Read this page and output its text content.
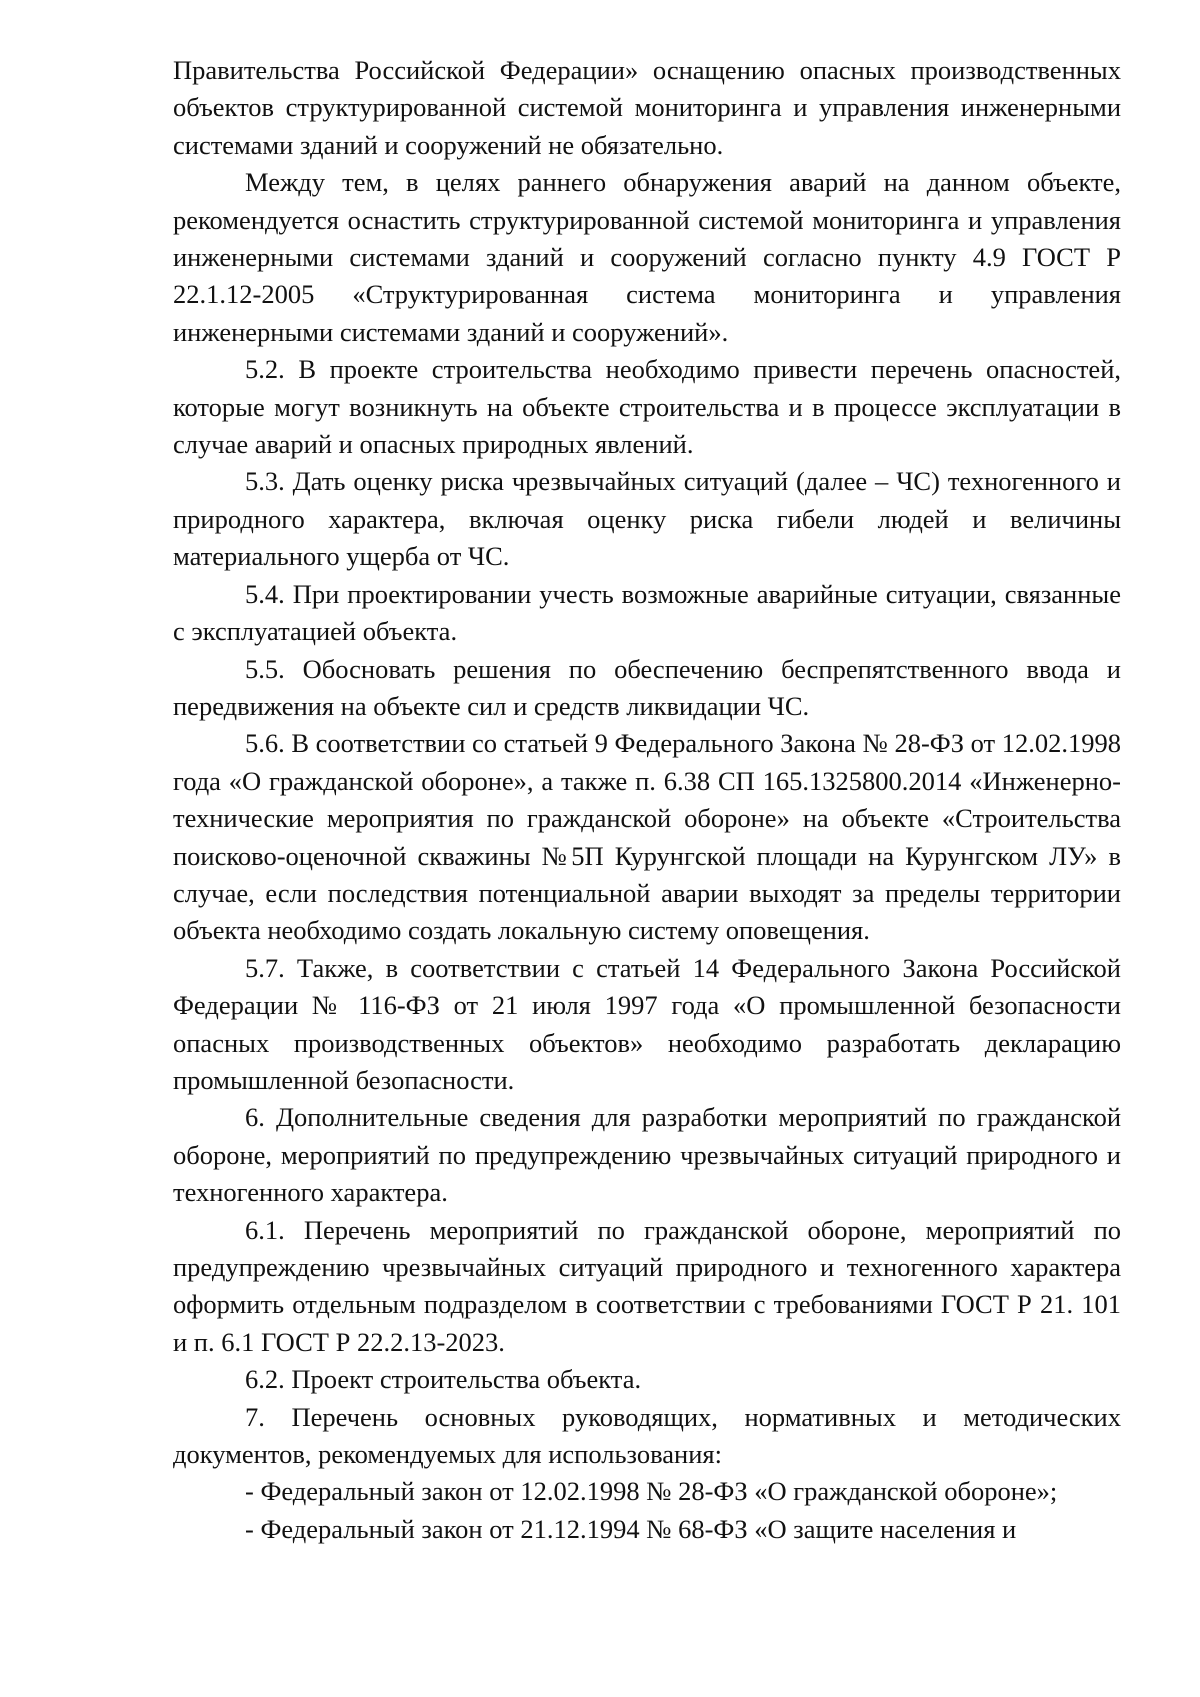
Правительства Российской Федерации» оснащению опасных производственных объектов структурированной системой мониторинга и управления инженерными системами зданий и сооружений не обязательно.

Между тем, в целях раннего обнаружения аварий на данном объекте, рекомендуется оснастить структурированной системой мониторинга и управления инженерными системами зданий и сооружений согласно пункту 4.9 ГОСТ Р 22.1.12-2005 «Структурированная система мониторинга и управления инженерными системами зданий и сооружений».

5.2. В проекте строительства необходимо привести перечень опасностей, которые могут возникнуть на объекте строительства и в процессе эксплуатации в случае аварий и опасных природных явлений.

5.3. Дать оценку риска чрезвычайных ситуаций (далее – ЧС) техногенного и природного характера, включая оценку риска гибели людей и величины материального ущерба от ЧС.

5.4. При проектировании учесть возможные аварийные ситуации, связанные с эксплуатацией объекта.

5.5. Обосновать решения по обеспечению беспрепятственного ввода и передвижения на объекте сил и средств ликвидации ЧС.

5.6. В соответствии со статьей 9 Федерального Закона № 28-ФЗ от 12.02.1998 года «О гражданской обороне», а также п. 6.38 СП 165.1325800.2014 «Инженерно-технические мероприятия по гражданской обороне» на объекте «Строительства поисково-оценочной скважины №5П Курунгской площади на Курунгском ЛУ» в случае, если последствия потенциальной аварии выходят за пределы территории объекта необходимо создать локальную систему оповещения.

5.7. Также, в соответствии с статьей 14 Федерального Закона Российской Федерации № 116-ФЗ от 21 июля 1997 года «О промышленной безопасности опасных производственных объектов» необходимо разработать декларацию промышленной безопасности.

6. Дополнительные сведения для разработки мероприятий по гражданской обороне, мероприятий по предупреждению чрезвычайных ситуаций природного и техногенного характера.

6.1. Перечень мероприятий по гражданской обороне, мероприятий по предупреждению чрезвычайных ситуаций природного и техногенного характера оформить отдельным подразделом в соответствии с требованиями ГОСТ Р 21. 101 и п. 6.1 ГОСТ Р 22.2.13-2023.

6.2. Проект строительства объекта.

7. Перечень основных руководящих, нормативных и методических документов, рекомендуемых для использования:

- Федеральный закон от 12.02.1998 № 28-ФЗ «О гражданской обороне»;

- Федеральный закон от 21.12.1994 № 68-ФЗ «О защите населения и
